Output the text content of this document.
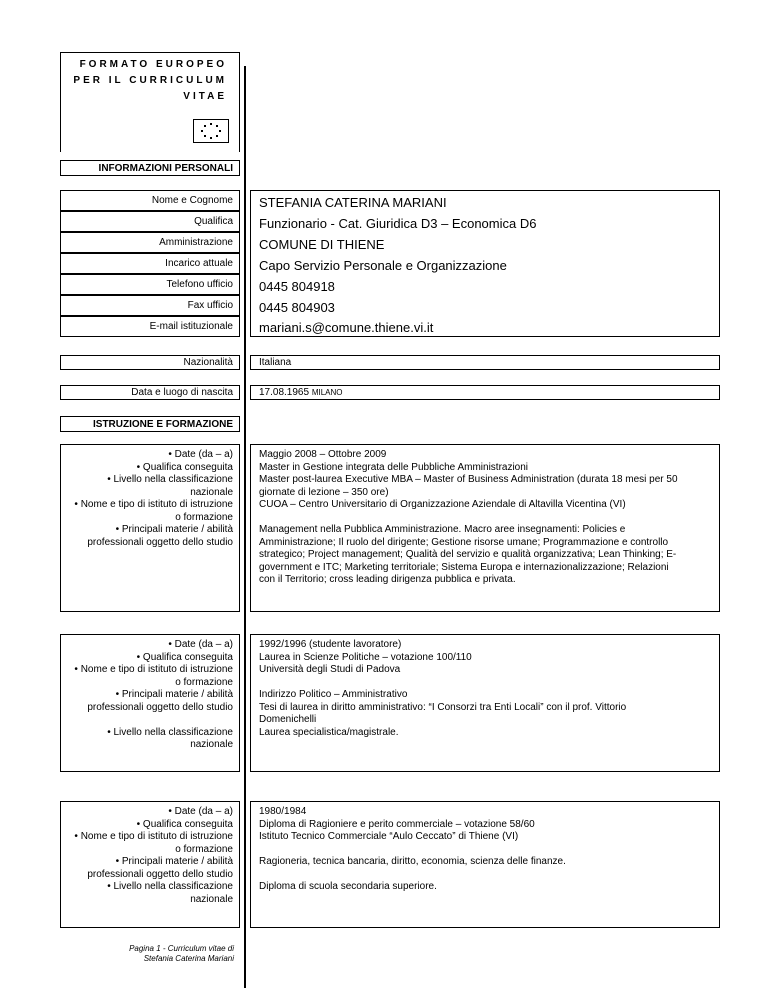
FORMATO EUROPEO
PER IL CURRICULUM
VITAE
INFORMAZIONI PERSONALI
Nome e Cognome
Qualifica
Amministrazione
Incarico attuale
Telefono ufficio
Fax ufficio
E-mail istituzionale
STEFANIA CATERINA MARIANI
Funzionario - Cat. Giuridica D3 – Economica D6
COMUNE DI THIENE
Capo Servizio Personale e Organizzazione
0445 804918
0445 804903
mariani.s@comune.thiene.vi.it
Nazionalità	Italiana
Data e luogo di nascita	17.08.1965 MILANO
ISTRUZIONE E FORMAZIONE
• Date (da – a)
• Qualifica conseguita
• Livello nella classificazione
nazionale
• Nome e tipo di istituto di istruzione
o formazione
• Principali materie / abilità
professionali oggetto dello studio
Maggio 2008 – Ottobre 2009
Master in Gestione integrata delle Pubbliche Amministrazioni
Master post-laurea Executive MBA – Master of Business Administration (durata 18 mesi per 50
giornate di lezione – 350 ore)
CUOA – Centro Universitario di Organizzazione Aziendale di Altavilla Vicentina (VI)
Management nella Pubblica Amministrazione. Macro aree insegnamenti: Policies e
Amministrazione; Il ruolo del dirigente; Gestione risorse umane; Programmazione e controllo
strategico; Project management; Qualità del servizio e qualità organizzativa; Lean Thinking; E-
government e ITC; Marketing territoriale; Sistema Europa e internazionalizzazione; Relazioni
con il Territorio; cross leading dirigenza pubblica e privata.
• Date (da – a)
• Qualifica conseguita
• Nome e tipo di istituto di istruzione
o formazione
• Principali materie / abilità
professionali oggetto dello studio
• Livello nella classificazione
nazionale
1992/1996 (studente lavoratore)
Laurea in Scienze Politiche – votazione 100/110
Università degli Studi di Padova
Indirizzo Politico – Amministrativo
Tesi di laurea in diritto amministrativo: “I Consorzi tra Enti Locali” con il prof. Vittorio
Domenichelli
Laurea specialistica/magistrale.
• Date (da – a)
• Qualifica conseguita
• Nome e tipo di istituto di istruzione
o formazione
• Principali materie / abilità
professionali oggetto dello studio
• Livello nella classificazione
nazionale
1980/1984
Diploma di Ragioniere e perito commerciale – votazione 58/60
Istituto Tecnico Commerciale “Aulo Ceccato” di Thiene (VI)
Ragioneria, tecnica bancaria, diritto, economia, scienza delle finanze.
Diploma di scuola secondaria superiore.
Pagina 1 - Curriculum vitae di
Stefania Caterina Mariani
